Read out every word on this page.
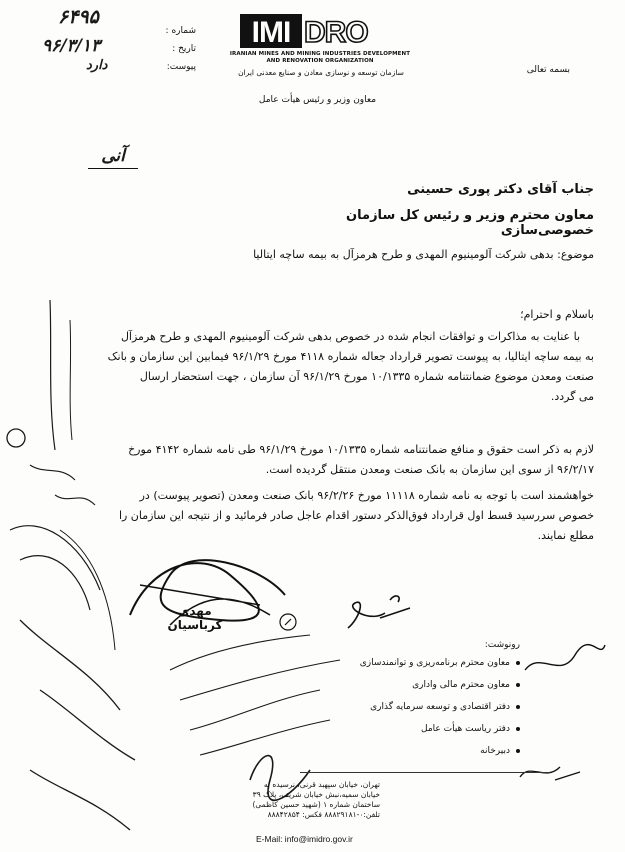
۶۴۹۵
۹۶/۳/۱۳
دارد
شماره :
تاریخ :
پیوست:
IMI DRO
IRANIAN MINES AND MINING INDUSTRIES DEVELOPMENT
AND RENOVATION ORGANIZATION
سازمان توسعه و نوسازی معادن و صنایع معدنی ایران	بسمه تعالی
معاون وزیر و رئیس هیأت عامل
آنی
جناب آقای دکتر پوری حسینی
معاون محترم وزیر و رئیس کل سازمان خصوصی‌سازی
موضوع: بدهی شرکت آلومینیوم المهدی و طرح هرمزآل به بیمه ساچه ایتالیا
باسلام و احترام؛
با عنایت به مذاکرات و توافقات انجام شده در خصوص بدهی شرکت آلومینیوم المهدی و طرح هرمزآل
به بیمه ساچه ایتالیا، به پیوست تصویر قرارداد جعاله شماره ۴۱۱۸ مورخ ۹۶/۱/۲۹ فیمابین این سازمان و بانک
صنعت ومعدن موضوع ضمانتنامه شماره ۱۰/۱۳۳۵ مورخ ۹۶/۱/۲۹ آن سازمان ، جهت استحضار ارسال
می گردد.
لازم به ذکر است حقوق و منافع ضمانتنامه شماره ۱۰/۱۳۳۵ مورخ ۹۶/۱/۲۹ طی نامه شماره ۴۱۴۲ مورخ
۹۶/۲/۱۷ از سوی این سازمان به بانک صنعت ومعدن منتقل گردیده است.
خواهشمند است با توجه به نامه شماره ۱۱۱۱۸ مورخ ۹۶/۲/۲۶ بانک صنعت ومعدن (تصویر پیوست) در
خصوص سررسید قسط اول قرارداد فوق‌الذکر دستور اقدام عاجل صادر فرمائید و از نتیجه این سازمان را
مطلع نمایند.
مهدی کرباسیان
رونوشت:
معاون محترم برنامه‌ریزی و توانمندسازی
معاون محترم مالی واداری
دفتر اقتصادی و توسعه سرمایه گذاری
دفتر ریاست هیأت عامل
دبیرخانه
تهران، خیابان سپهبد قرنی، نرسیده به
خیابان سمیه،نبش خیابان شریف، پلاک ۳۹
ساختمان شماره ۱ (شهید حسین کاظمی)
تلفن:۰-۸۸۸۲۹۱۸۱ فکس: ۸۸۸۴۲۸۵۴
E-Mail: info@imidro.gov.ir
